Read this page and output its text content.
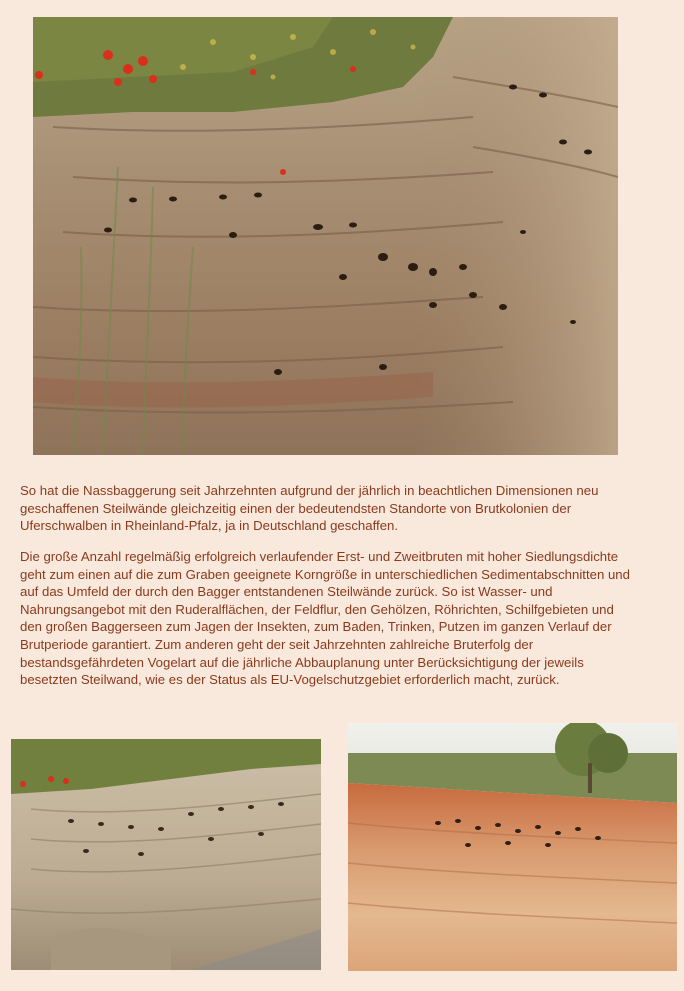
So hat die Nassbaggerung seit Jahrzehnten aufgrund der jährlich in beachtlichen Dimensionen neu geschaffenen Steilwände gleichzeitig einen der bedeutendsten Standorte von Brutkolonien der Uferschwalben in Rheinland-Pfalz, ja in Deutschland geschaffen.

Die große Anzahl regelmäßig erfolgreich verlaufender Erst- und Zweitbruten mit hoher Siedlungsdichte geht zum einen auf die zum Graben geeignete Korngröße in unterschiedlichen Sedimentabschnitten und auf das Umfeld der durch den Bagger entstandenen Steilwände zurück. So ist Wasser- und Nahrungsangebot mit den Ruderalflächen, der Feldflur, den Gehölzen, Röhrichten, Schilfgebieten und den großen Baggerseen zum Jagen der Insekten, zum Baden, Trinken, Putzen im ganzen Verlauf der Brutperiode garantiert. Zum anderen geht der seit Jahrzehnten zahlreiche Bruterfolg der bestandsgefährdeten Vogelart auf die jährliche Abbauplanung unter Berücksichtigung der jeweils besetzten Steilwand, wie es der Status als EU-Vogelschutzgebiet erforderlich macht, zurück.
